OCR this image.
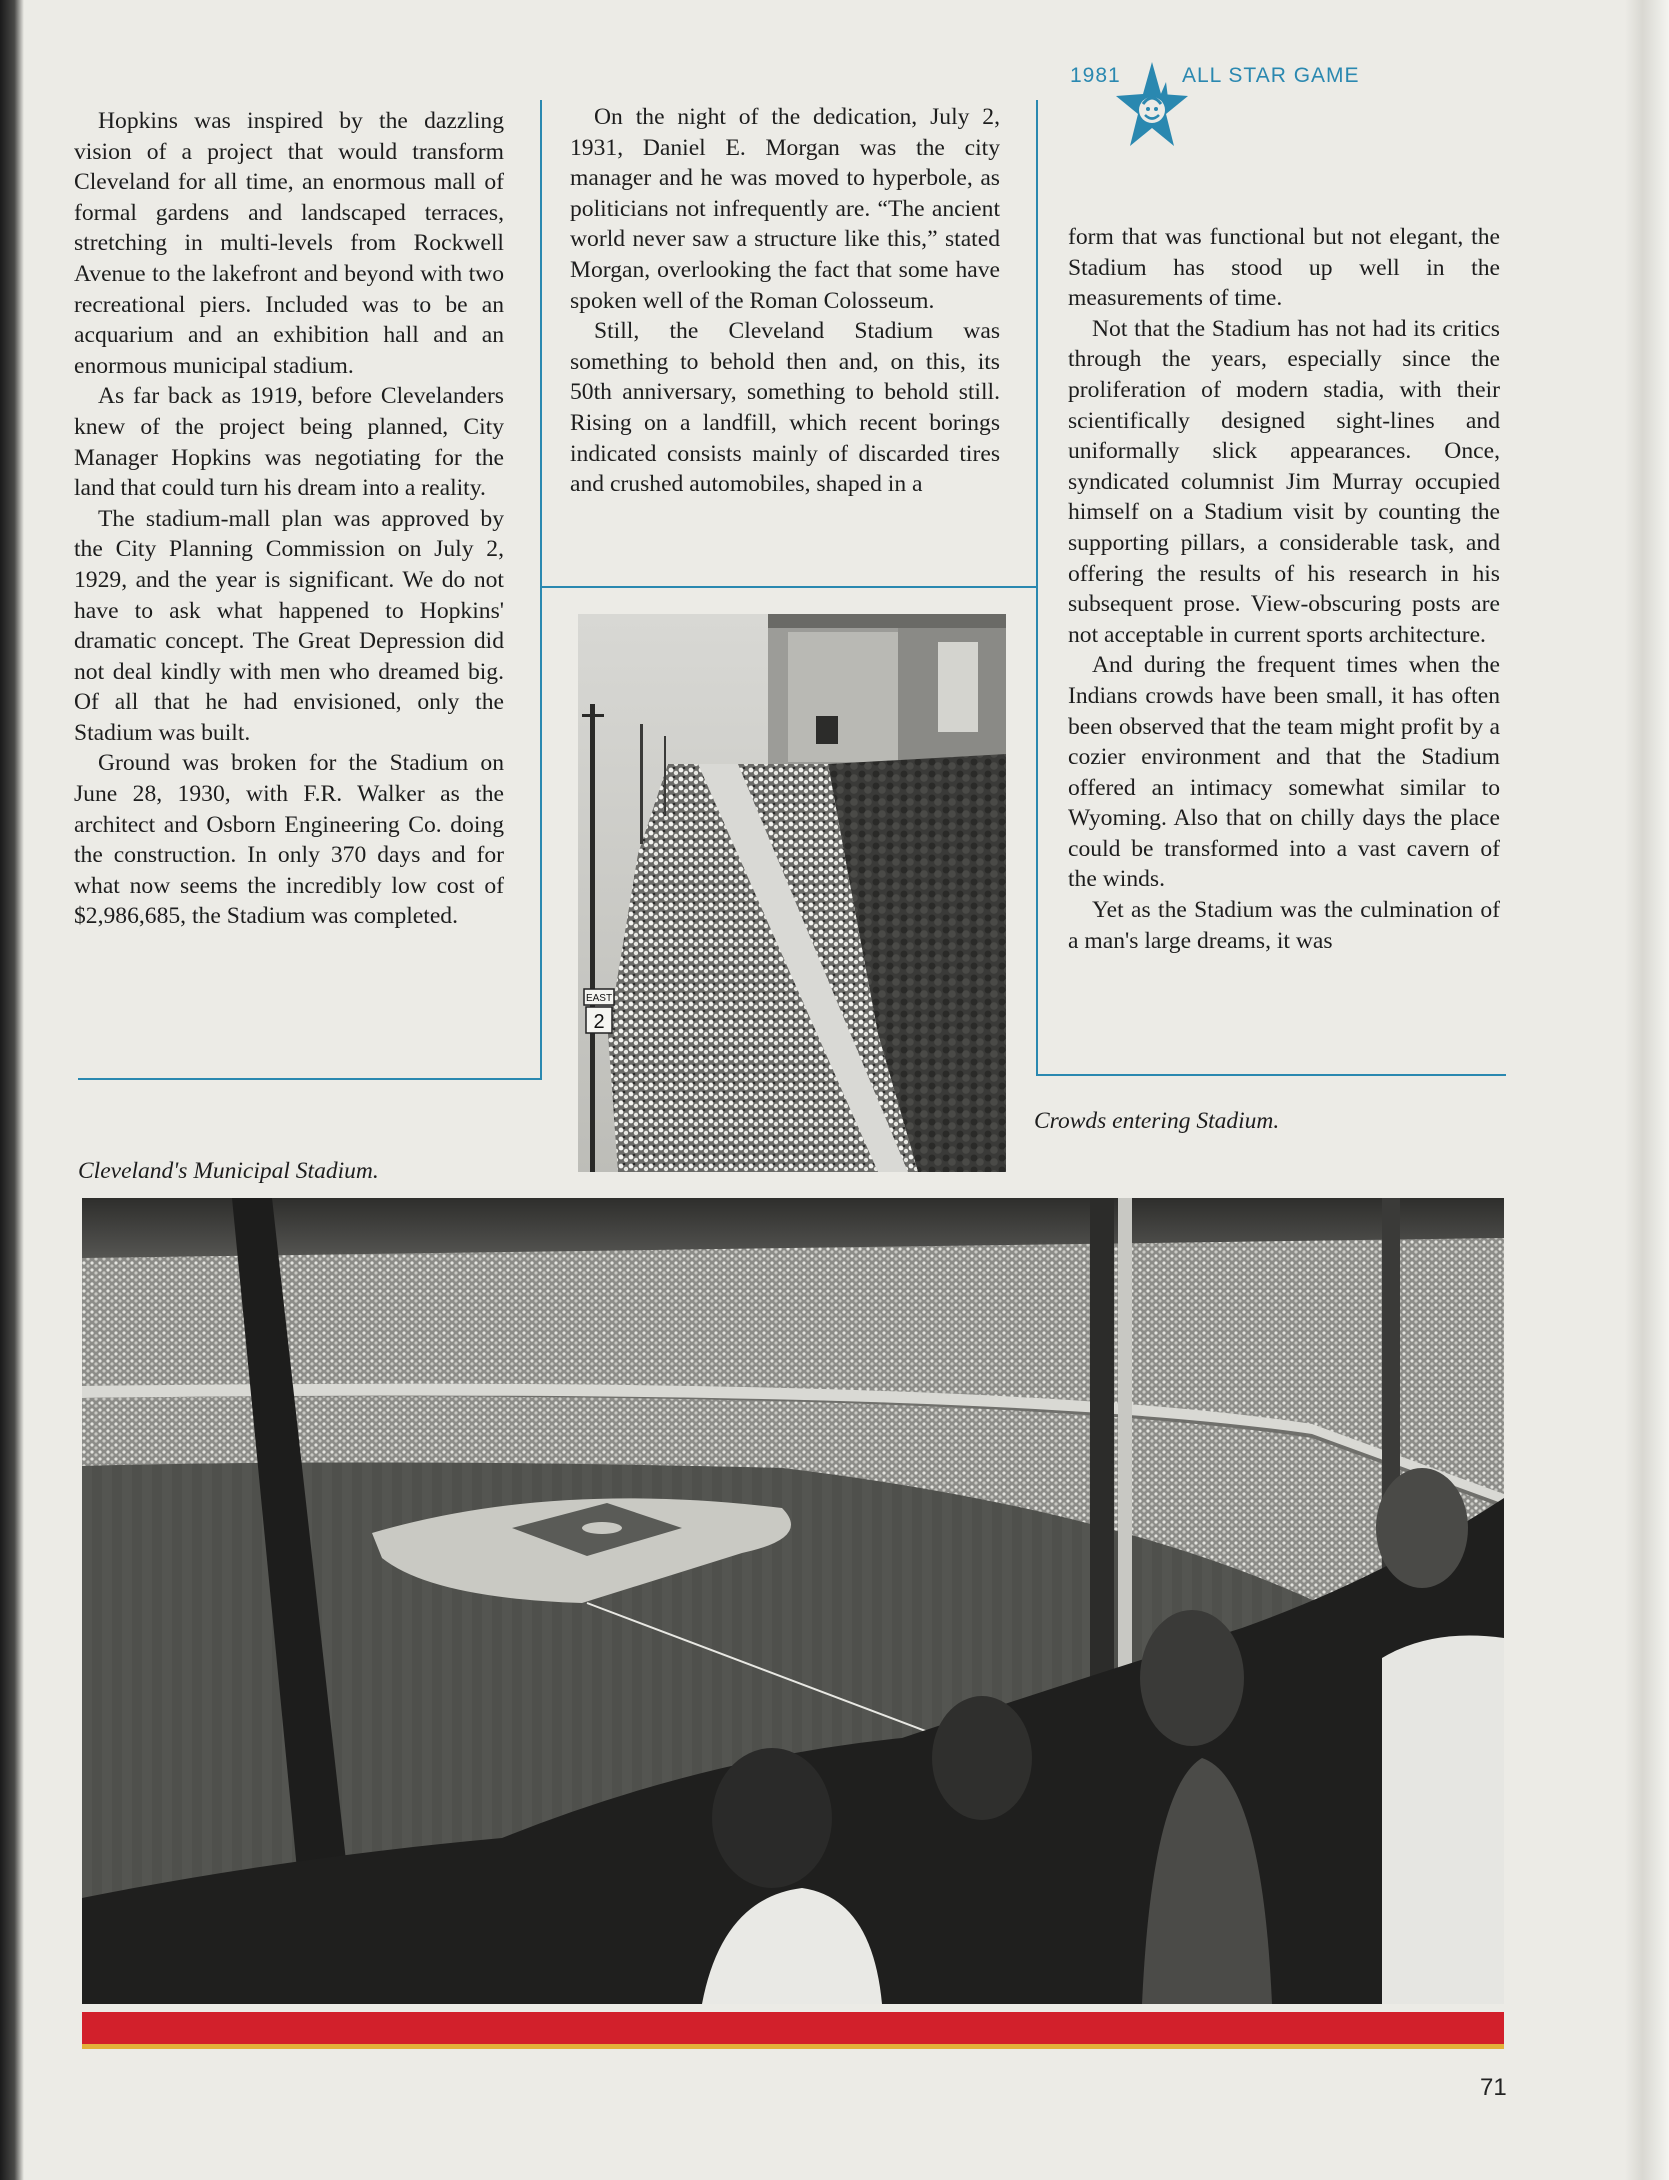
1981	ALL STAR GAME

Hopkins was inspired by the dazzling vision of a project that would transform Cleveland for all time, an enormous mall of formal gardens and landscaped terraces, stretching in multi-levels from Rockwell Avenue to the lakefront and beyond with two recreational piers. Included was to be an acquarium and an exhibition hall and an enormous municipal stadium.

As far back as 1919, before Clevelanders knew of the project being planned, City Manager Hopkins was negotiating for the land that could turn his dream into a reality.

The stadium-mall plan was approved by the City Planning Commission on July 2, 1929, and the year is significant. We do not have to ask what happened to Hopkins' dramatic concept. The Great Depression did not deal kindly with men who dreamed big. Of all that he had envisioned, only the Stadium was built.

Ground was broken for the Stadium on June 28, 1930, with F.R. Walker as the architect and Osborn Engineering Co. doing the construction. In only 370 days and for what now seems the incredibly low cost of $2,986,685, the Stadium was completed.

On the night of the dedication, July 2, 1931, Daniel E. Morgan was the city manager and he was moved to hyperbole, as politicians not infrequently are. “The ancient world never saw a structure like this,” stated Morgan, overlooking the fact that some have spoken well of the Roman Colosseum.

Still, the Cleveland Stadium was something to behold then and, on this, its 50th anniversary, something to behold still. Rising on a landfill, which recent borings indicated consists mainly of discarded tires and crushed automobiles, shaped in a

form that was functional but not elegant, the Stadium has stood up well in the measurements of time.

Not that the Stadium has not had its critics through the years, especially since the proliferation of modern stadia, with their scientifically designed sight-lines and uniformally slick appearances. Once, syndicated columnist Jim Murray occupied himself on a Stadium visit by counting the supporting pillars, a considerable task, and offering the results of his research in his subsequent prose. View-obscuring posts are not acceptable in current sports architecture.

And during the frequent times when the Indians crowds have been small, it has often been observed that the team might profit by a cozier environment and that the Stadium offered an intimacy somewhat similar to Wyoming. Also that on chilly days the place could be transformed into a vast cavern of the winds.

Yet as the Stadium was the culmination of a man's large dreams, it was

EAST
2
Crowds entering Stadium.
Cleveland's Municipal Stadium.
71
